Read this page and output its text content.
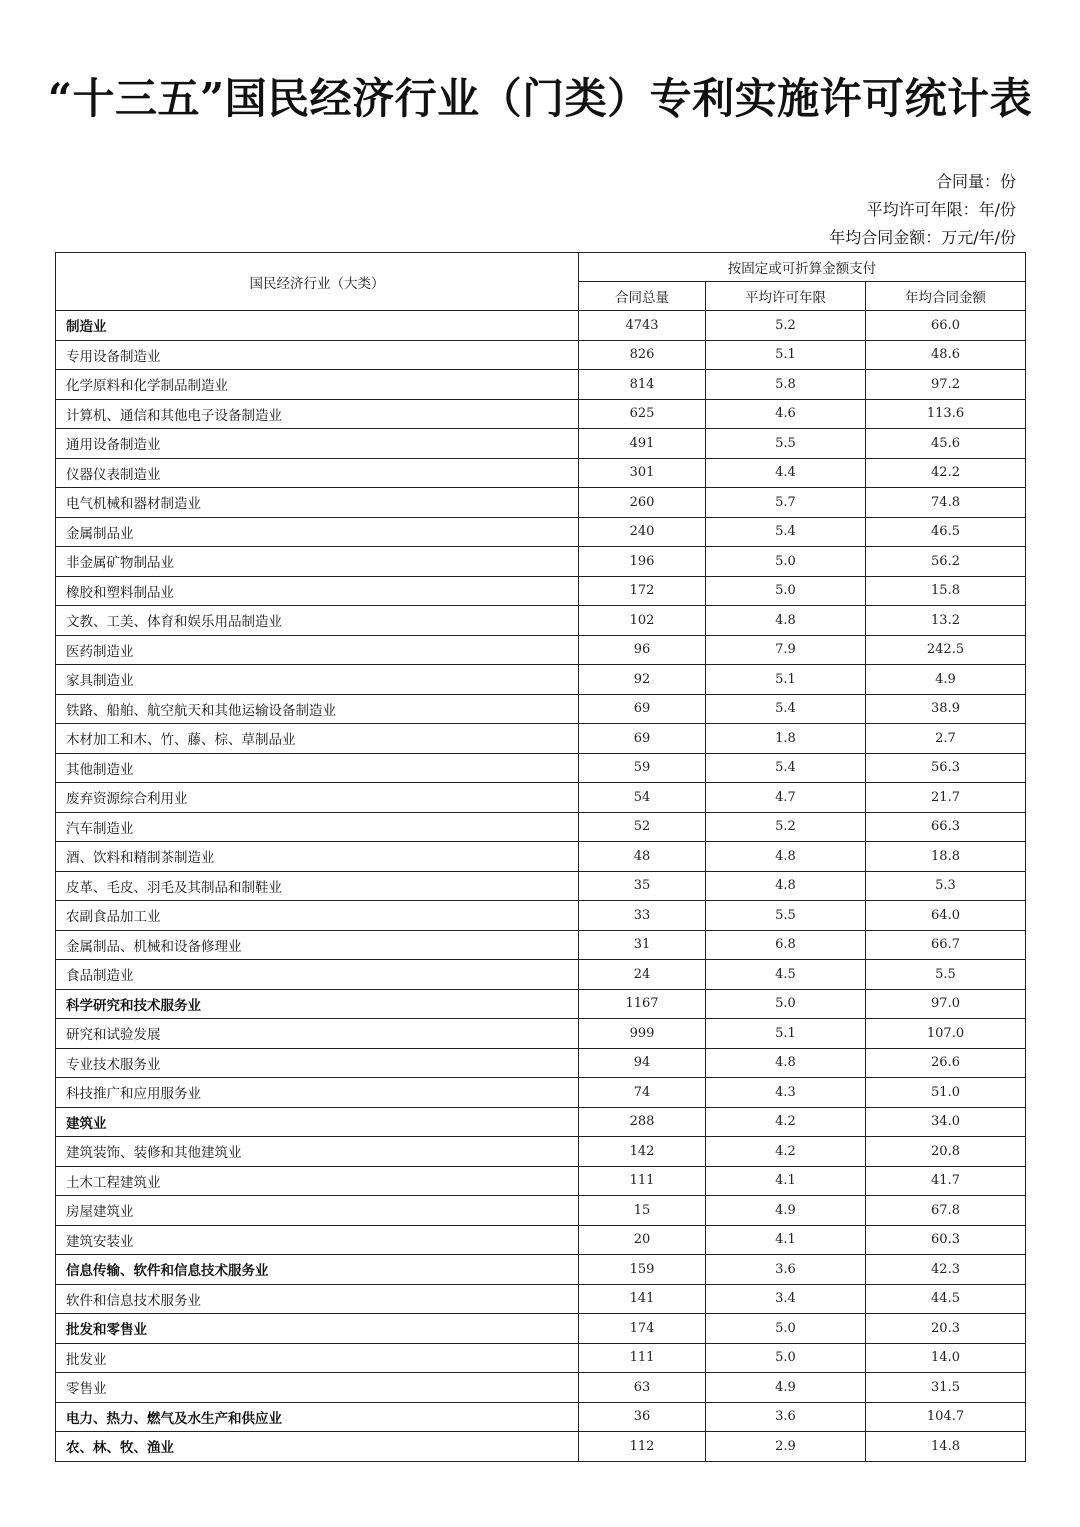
“十三五”国民经济行业（门类）专利实施许可统计表
合同量：份
平均许可年限：年/份
年均合同金额：万元/年/份
国民经济行业（大类）	按固定或可折算金额支付		
	合同总量	平均许可年限	年均合同金额
制造业	4743	5.2	66.0
专用设备制造业	826	5.1	48.6
化学原料和化学制品制造业	814	5.8	97.2
计算机、通信和其他电子设备制造业	625	4.6	113.6
通用设备制造业	491	5.5	45.6
仪器仪表制造业	301	4.4	42.2
电气机械和器材制造业	260	5.7	74.8
金属制品业	240	5.4	46.5
非金属矿物制品业	196	5.0	56.2
橡胶和塑料制品业	172	5.0	15.8
文教、工美、体育和娱乐用品制造业	102	4.8	13.2
医药制造业	96	7.9	242.5
家具制造业	92	5.1	4.9
铁路、船舶、航空航天和其他运输设备制造业	69	5.4	38.9
木材加工和木、竹、藤、棕、草制品业	69	1.8	2.7
其他制造业	59	5.4	56.3
废弃资源综合利用业	54	4.7	21.7
汽车制造业	52	5.2	66.3
酒、饮料和精制茶制造业	48	4.8	18.8
皮革、毛皮、羽毛及其制品和制鞋业	35	4.8	5.3
农副食品加工业	33	5.5	64.0
金属制品、机械和设备修理业	31	6.8	66.7
食品制造业	24	4.5	5.5
科学研究和技术服务业	1167	5.0	97.0
研究和试验发展	999	5.1	107.0
专业技术服务业	94	4.8	26.6
科技推广和应用服务业	74	4.3	51.0
建筑业	288	4.2	34.0
建筑装饰、装修和其他建筑业	142	4.2	20.8
土木工程建筑业	111	4.1	41.7
房屋建筑业	15	4.9	67.8
建筑安装业	20	4.1	60.3
信息传输、软件和信息技术服务业	159	3.6	42.3
软件和信息技术服务业	141	3.4	44.5
批发和零售业	174	5.0	20.3
批发业	111	5.0	14.0
零售业	63	4.9	31.5
电力、热力、燃气及水生产和供应业	36	3.6	104.7
农、林、牧、渔业	112	2.9	14.8
